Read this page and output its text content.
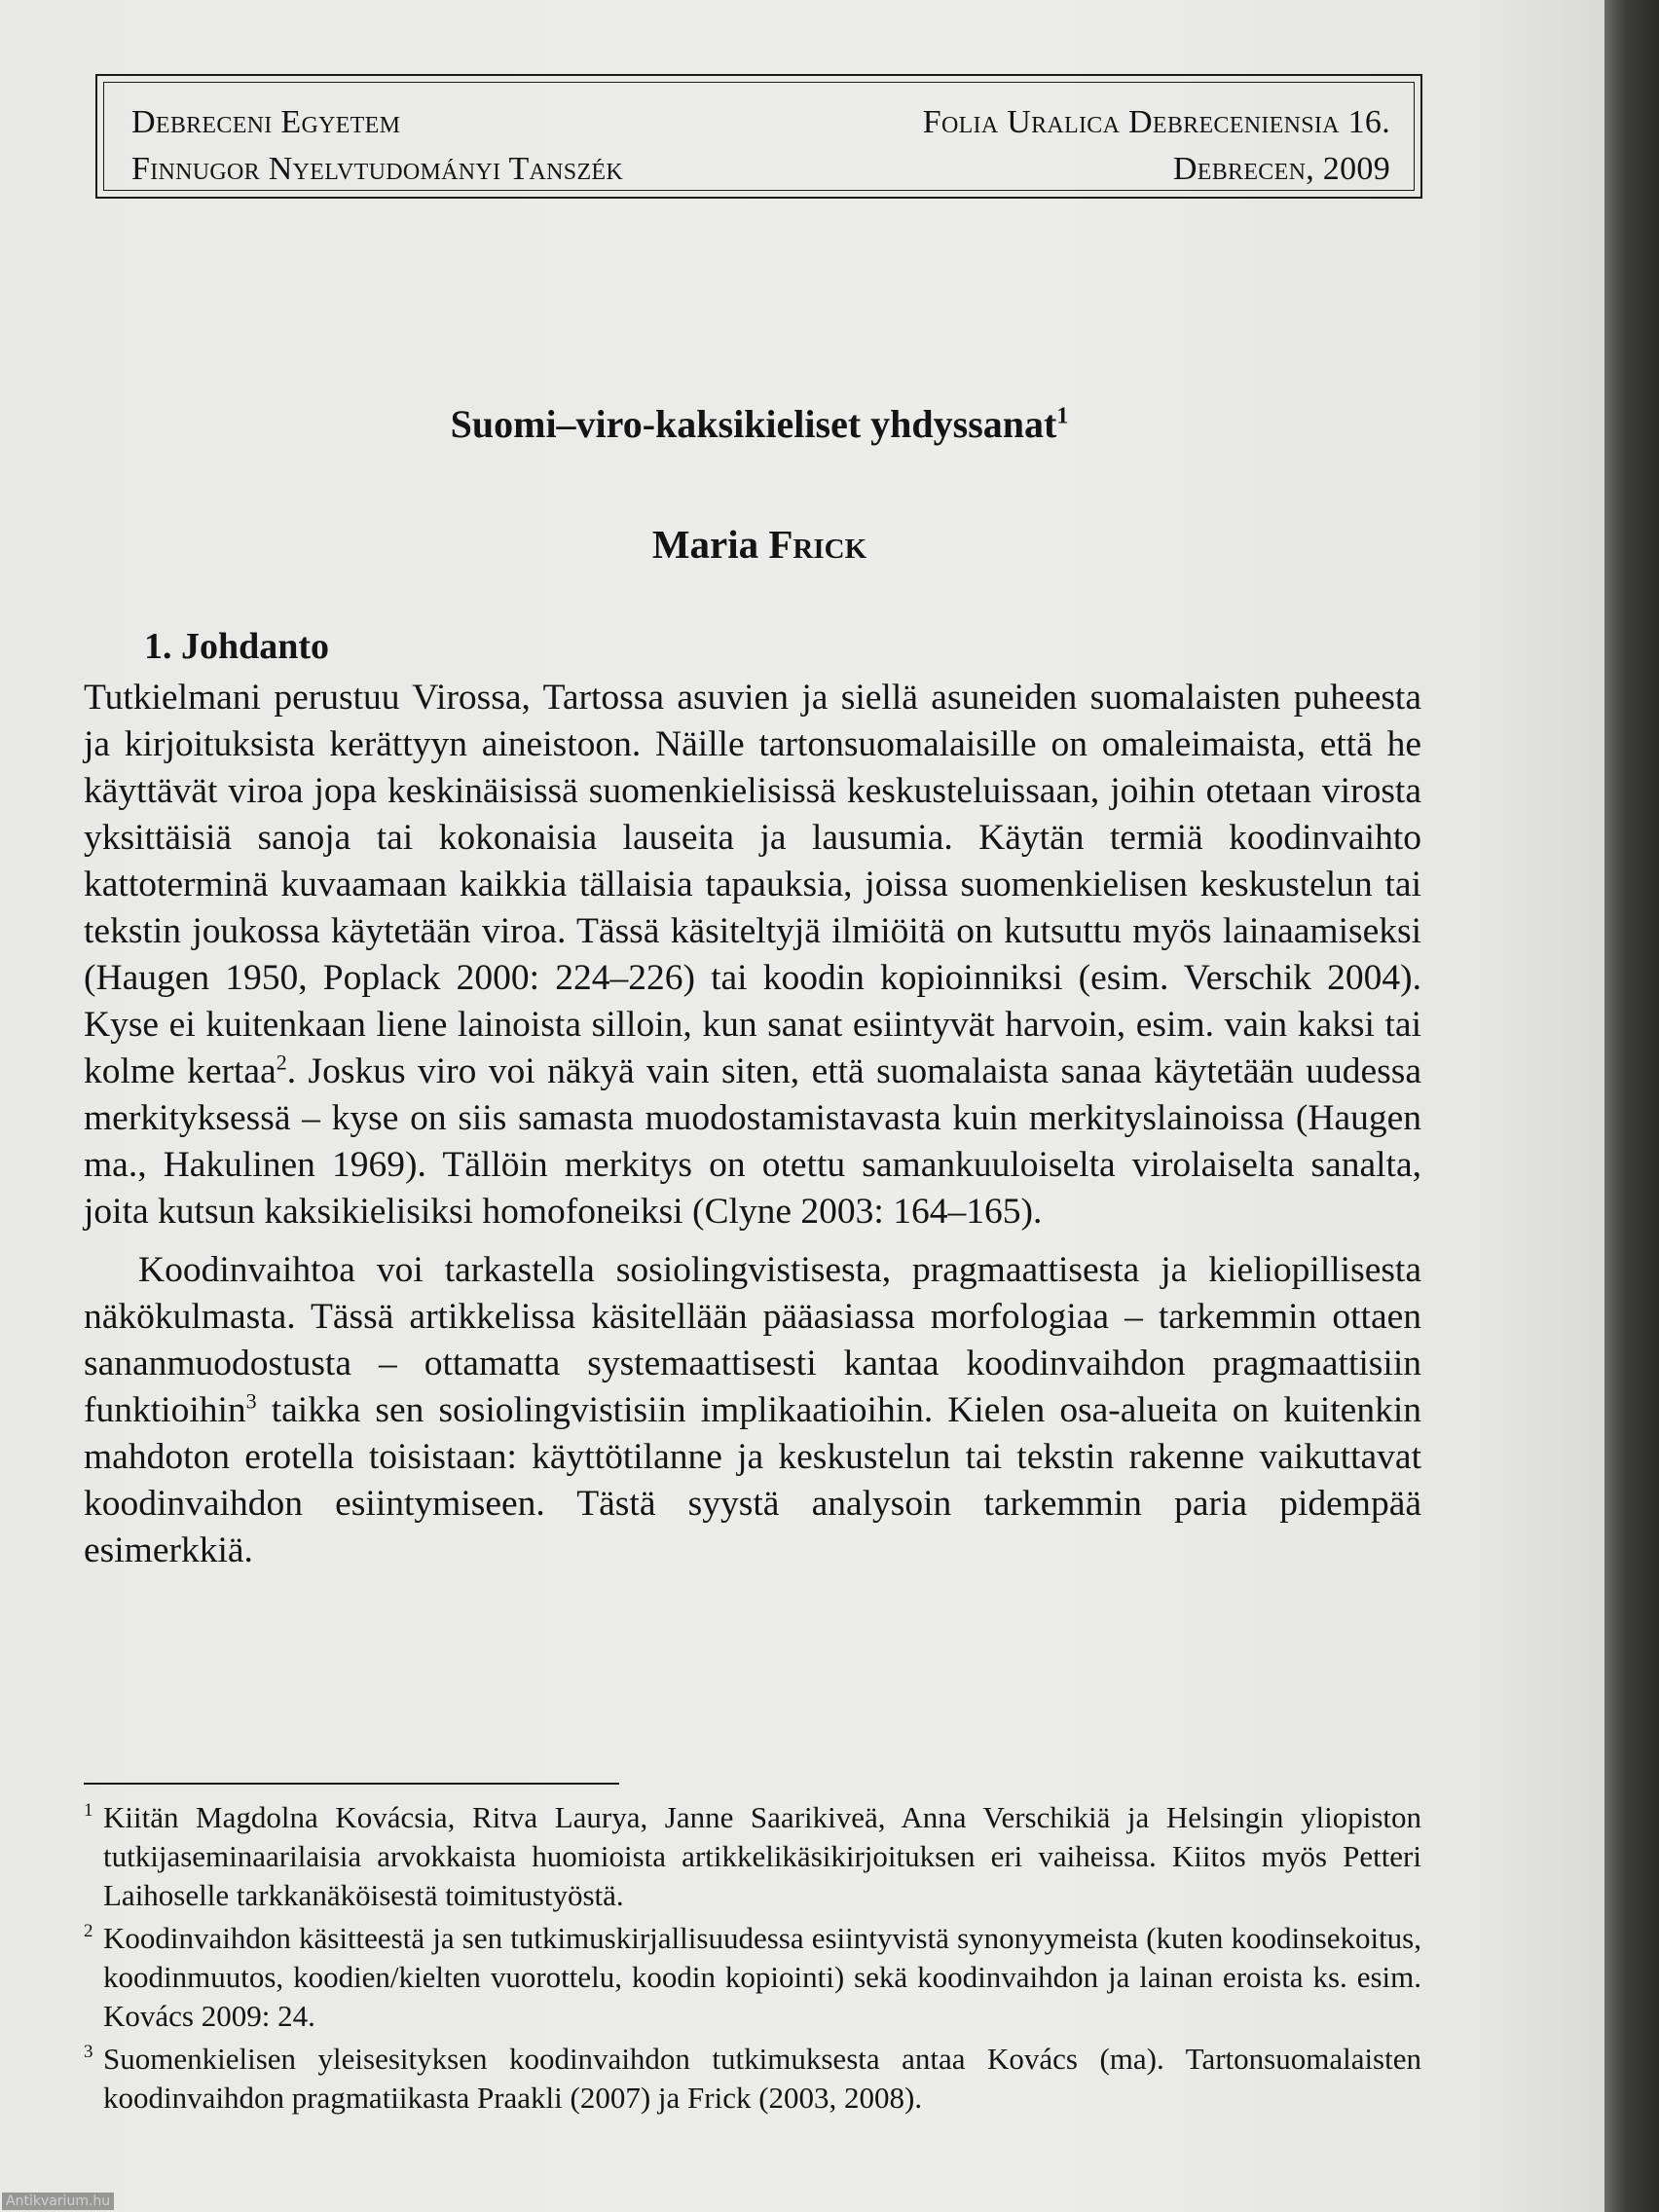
Debreceni Egyetem
Finnugor Nyelvtudományi Tanszék
Folia Uralica Debreceniensia 16.
Debrecen, 2009
Suomi–viro-kaksikieliset yhdyssanat$^1$
Maria Frick
1. Johdanto

Tutkielmani perustuu Virossa, Tartossa asuvien ja siellä asuneiden suomalaisten puheesta ja kirjoituksista kerättyyn aineistoon. Näille tartonsuomalaisille on omaleimaista, että he käyttävät viroa jopa keskinäisissä suomenkielisissä keskusteluissaan, joihin otetaan virosta yksittäisiä sanoja tai kokonaisia lauseita ja lausumia. Käytän termiä koodinvaihto kattoterminä kuvaamaan kaikkia tällaisia tapauksia, joissa suomenkielisen keskustelun tai tekstin joukossa käytetään viroa. Tässä käsiteltyjä ilmiöitä on kutsuttu myös lainaamiseksi (Haugen 1950, Poplack 2000: 224–226) tai koodin kopioinniksi (esim. Verschik 2004). Kyse ei kuitenkaan liene lainoista silloin, kun sanat esiintyvät harvoin, esim. vain kaksi tai kolme kertaa$^2$. Joskus viro voi näkyä vain siten, että suomalaista sanaa käytetään uudessa merkityksessä – kyse on siis samasta muodostamistavasta kuin merkityslainoissa (Haugen ma., Hakulinen 1969). Tällöin merkitys on otettu samankuuloiselta virolaiselta sanalta, joita kutsun kaksikielisiksi homofoneiksi (Clyne 2003: 164–165).

Koodinvaihtoa voi tarkastella sosiolingvistisesta, pragmaattisesta ja kieliopillisesta näkökulmasta. Tässä artikkelissa käsitellään pääasiassa morfologiaa – tarkemmin ottaen sananmuodostusta – ottamatta systemaattisesti kantaa koodinvaihdon pragmaattisiin funktioihin$^3$ taikka sen sosiolingvistisiin implikaatioihin. Kielen osa-alueita on kuitenkin mahdoton erotella toisistaan: käyttötilanne ja keskustelun tai tekstin rakenne vaikuttavat koodinvaihdon esiintymiseen. Tästä syystä analysoin tarkemmin paria pidempää esimerkkiä.

$^1$ Kiitän Magdolna Kovácsia, Ritva Laurya, Janne Saarikiveä, Anna Verschikiä ja Helsingin yliopiston tutkijaseminaarilaisia arvokkaista huomioista artikkelikäsikirjoituksen eri vaiheissa. Kiitos myös Petteri Laihoselle tarkkanäköisestä toimitustyöstä.

$^2$ Koodinvaihdon käsitteestä ja sen tutkimuskirjallisuudessa esiintyvistä synonyymeista (kuten koodinsekoitus, koodinmuutos, koodien/kielten vuorottelu, koodin kopiointi) sekä koodinvaihdon ja lainan eroista ks. esim. Kovács 2009: 24.

$^3$ Suomenkielisen yleisesityksen koodinvaihdon tutkimuksesta antaa Kovács (ma). Tartonsuomalaisten koodinvaihdon pragmatiikasta Praakli (2007) ja Frick (2003, 2008).

Antikvarium.hu
